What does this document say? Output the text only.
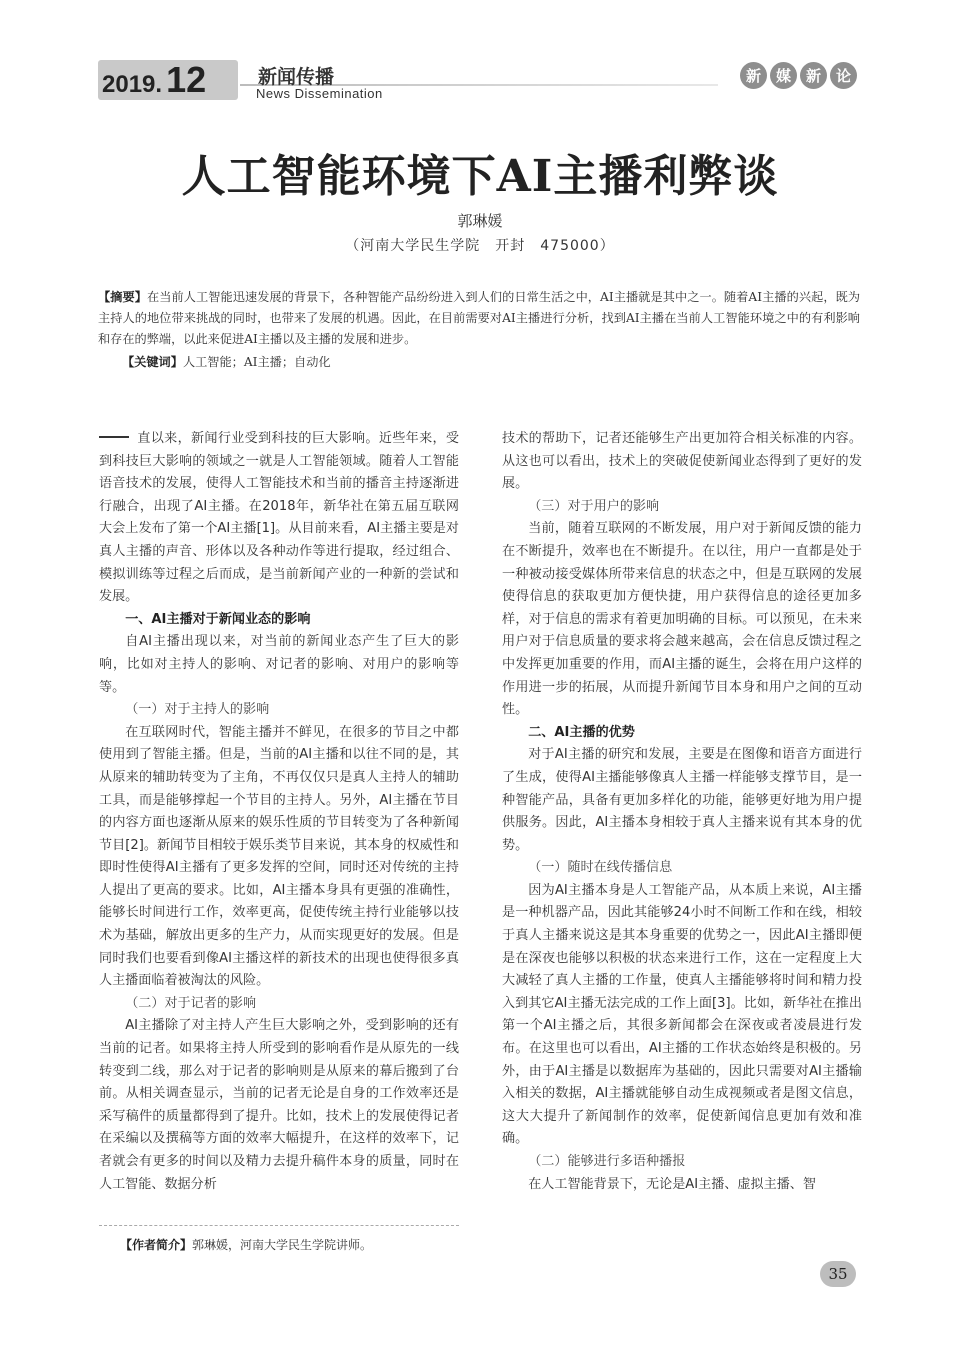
2019 . 12	新闻传播
News Dissemination
新 媒 新 论
人工智能环境下AI主播利弊谈
郭琳媛
（河南大学民生学院　开封　475000）
【摘要】在当前人工智能迅速发展的背景下，各种智能产品纷纷进入到人们的日常生活之中，AI主播就是其中之一。随着AI主播的兴起，既为主持人的地位带来挑战的同时，也带来了发展的机遇。因此，在目前需要对AI主播进行分析，找到AI主播在当前人工智能环境之中的有利影响和存在的弊端，以此来促进AI主播以及主播的发展和进步。
【关键词】人工智能；AI主播；自动化

直以来，新闻行业受到科技的巨大影响。近些年来，受到科技巨大影响的领域之一就是人工智能领域。随着人工智能语音技术的发展，使得人工智能技术和当前的播音主持逐渐进行融合，出现了AI主播。在2018年，新华社在第五届互联网大会上发布了第一个AI主播[1]。从目前来看，AI主播主要是对真人主播的声音、形体以及各种动作等进行提取，经过组合、模拟训练等过程之后而成，是当前新闻产业的一种新的尝试和发展。

一、AI主播对于新闻业态的影响

自AI主播出现以来，对当前的新闻业态产生了巨大的影响，比如对主持人的影响、对记者的影响、对用户的影响等等。

（一）对于主持人的影响

在互联网时代，智能主播并不鲜见，在很多的节目之中都使用到了智能主播。但是，当前的AI主播和以往不同的是，其从原来的辅助转变为了主角，不再仅仅只是真人主持人的辅助工具，而是能够撑起一个节目的主持人。另外，AI主播在节目的内容方面也逐渐从原来的娱乐性质的节目转变为了各种新闻节目[2]。新闻节目相较于娱乐类节目来说，其本身的权威性和即时性使得AI主播有了更多发挥的空间，同时还对传统的主持人提出了更高的要求。比如，AI主播本身具有更强的准确性，能够长时间进行工作，效率更高，促使传统主持行业能够以技术为基础，解放出更多的生产力，从而实现更好的发展。但是同时我们也要看到像AI主播这样的新技术的出现也使得很多真人主播面临着被淘汰的风险。

（二）对于记者的影响

AI主播除了对主持人产生巨大影响之外，受到影响的还有当前的记者。如果将主持人所受到的影响看作是从原先的一线转变到二线，那么对于记者的影响则是从原来的幕后搬到了台前。从相关调查显示，当前的记者无论是自身的工作效率还是采写稿件的质量都得到了提升。比如，技术上的发展使得记者在采编以及撰稿等方面的效率大幅提升，在这样的效率下，记者就会有更多的时间以及精力去提升稿件本身的质量，同时在人工智能、数据分析

技术的帮助下，记者还能够生产出更加符合相关标准的内容。从这也可以看出，技术上的突破促使新闻业态得到了更好的发展。

（三）对于用户的影响

当前，随着互联网的不断发展，用户对于新闻反馈的能力在不断提升，效率也在不断提升。在以往，用户一直都是处于一种被动接受媒体所带来信息的状态之中，但是互联网的发展使得信息的获取更加方便快捷，用户获得信息的途径更加多样，对于信息的需求有着更加明确的目标。可以预见，在未来用户对于信息质量的要求将会越来越高，会在信息反馈过程之中发挥更加重要的作用，而AI主播的诞生，会将在用户这样的作用进一步的拓展，从而提升新闻节目本身和用户之间的互动性。

二、AI主播的优势

对于AI主播的研究和发展，主要是在图像和语音方面进行了生成，使得AI主播能够像真人主播一样能够支撑节目，是一种智能产品，具备有更加多样化的功能，能够更好地为用户提供服务。因此，AI主播本身相较于真人主播来说有其本身的优势。

（一）随时在线传播信息

因为AI主播本身是人工智能产品，从本质上来说，AI主播是一种机器产品，因此其能够24小时不间断工作和在线，相较于真人主播来说这是其本身重要的优势之一，因此AI主播即便是在深夜也能够以积极的状态来进行工作，这在一定程度上大大减轻了真人主播的工作量，使真人主播能够将时间和精力投入到其它AI主播无法完成的工作上面[3]。比如，新华社在推出第一个AI主播之后，其很多新闻都会在深夜或者凌晨进行发布。在这里也可以看出，AI主播的工作状态始终是积极的。另外，由于AI主播是以数据库为基础的，因此只需要对AI主播输入相关的数据，AI主播就能够自动生成视频或者是图文信息，这大大提升了新闻制作的效率，促使新闻信息更加有效和准确。

（二）能够进行多语种播报

在人工智能背景下，无论是AI主播、虚拟主播、智

【作者简介】郭琳媛，河南大学民生学院讲师。
35
